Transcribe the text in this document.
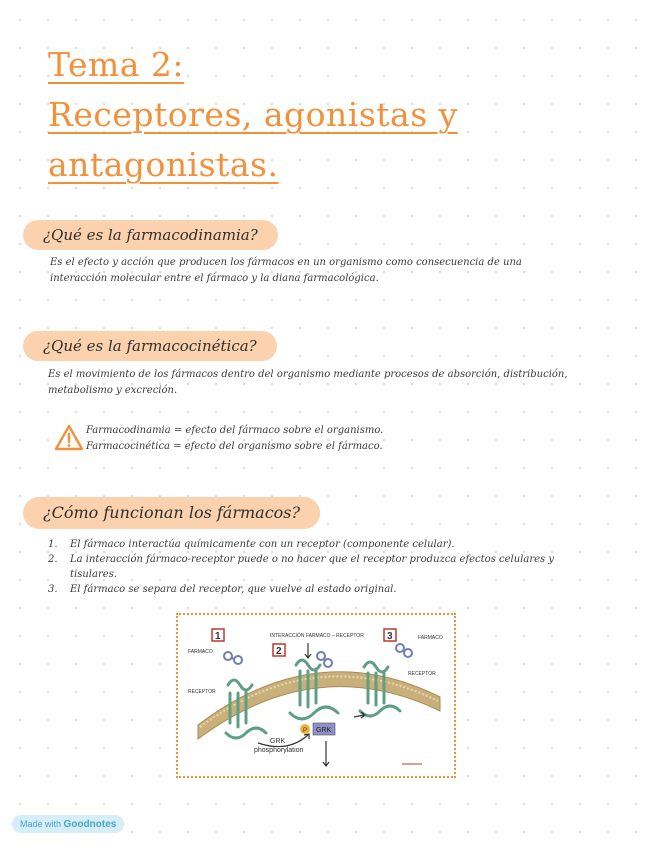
Tema 2:
Receptores, agonistas y
antagonistas.
¿Qué es la farmacodinamia?
Es el efecto y acción que producen los fármacos en un organismo como consecuencia de una
interacción molecular entre el fármaco y la diana farmacológica.
¿Qué es la farmacocinética?
Es el movimiento de los fármacos dentro del organismo mediante procesos de absorción, distribución,
metabolismo y excreción.
Farmacodinamia = efecto del fármaco sobre el organismo.
Farmacocinética = efecto del organismo sobre el fármaco.
¿Cómo funcionan los fármacos?
1. El fármaco interactúa químicamente con un receptor (componente celular).
2. La interacción fármaco-receptor puede o no hacer que el receptor produzca efectos celulares y
tisulares.
3. El fármaco se separa del receptor, que vuelve al estado original.
1
2
3
FARMACO
INTERACCIÓN FARMACO – RECEPTOR	FARMACO
RECEPTOR
RECEPTOR
P GRK
GRK
phosphorylation
Made with Goodnotes
